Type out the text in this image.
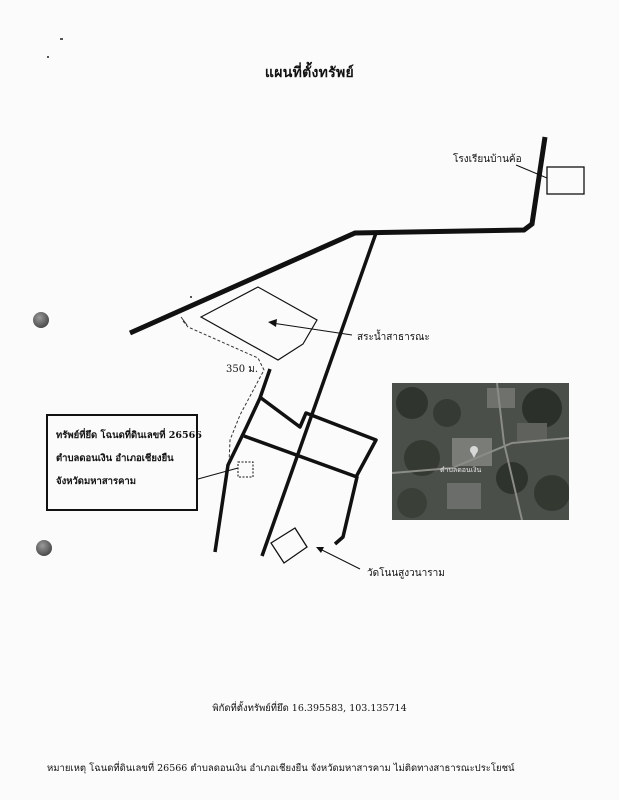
แผนที่ตั้งทรัพย์
โรงเรียนบ้านค้อ
สระน้ำสาธารณะ
350 ม.
วัดโนนสูงวนาราม
ทรัพย์ที่ยึด โฉนดที่ดินเลขที่ 26566
ตำบลดอนเงิน อำเภอเชียงยืน
จังหวัดมหาสารคาม
ตำบลดอนเงิน
พิกัดที่ตั้งทรัพย์ที่ยึด 16.395583, 103.135714
หมายเหตุ โฉนดที่ดินเลขที่ 26566 ตำบลดอนเงิน อำเภอเชียงยืน จังหวัดมหาสารคาม ไม่ติดทางสาธารณะประโยชน์
